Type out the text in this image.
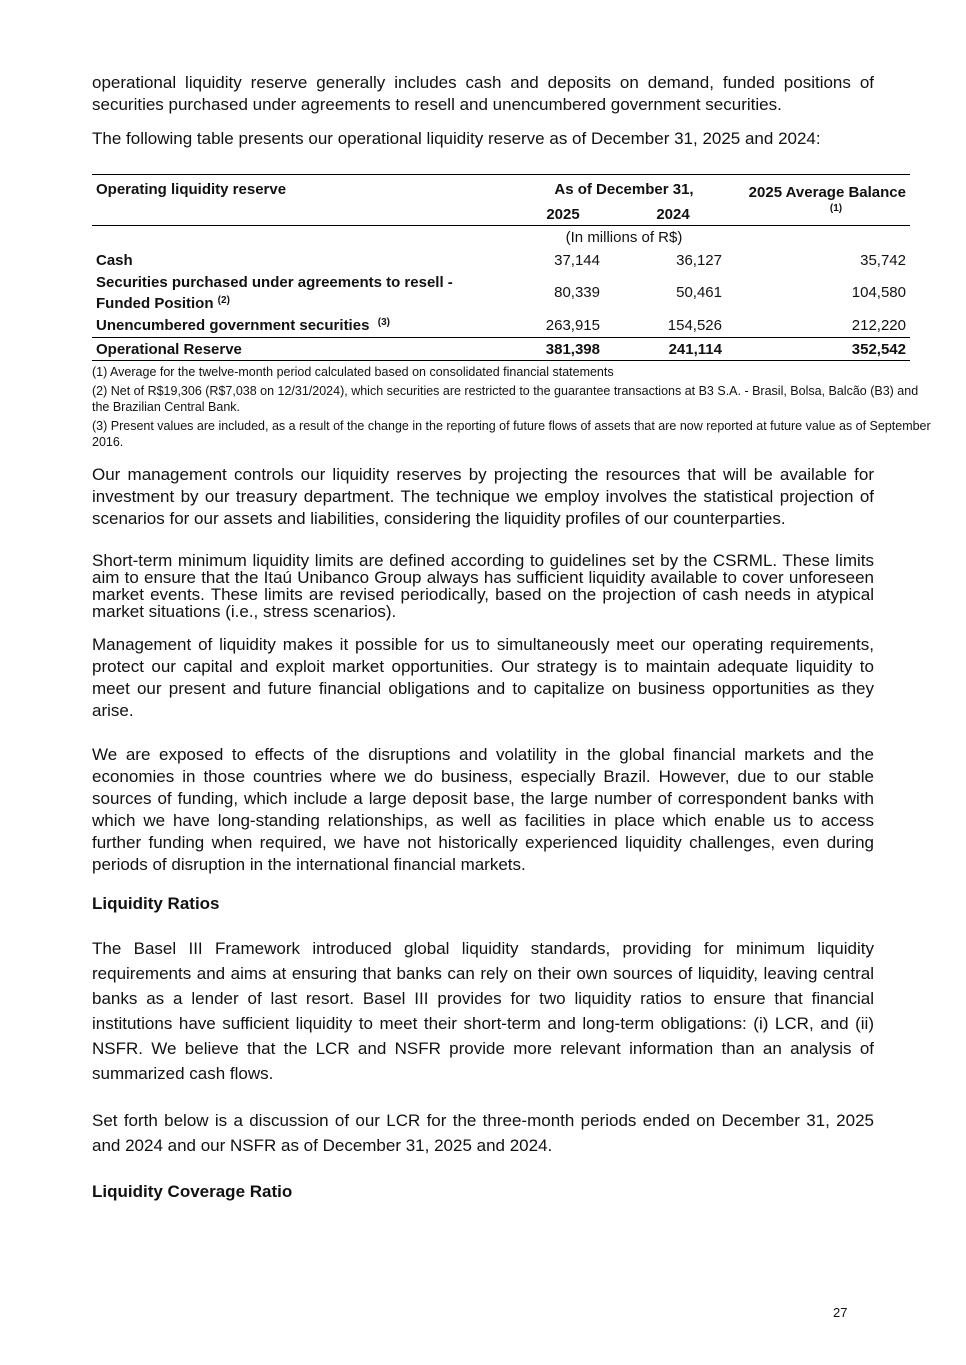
operational liquidity reserve generally includes cash and deposits on demand, funded positions of securities purchased under agreements to resell and unencumbered government securities.

The following table presents our operational liquidity reserve as of December 31, 2025 and 2024:

Operating liquidity reserve	As of December 31,		2025 Average Balance
	2025	2024	$^{(1)}$
	(In millions of R$)		
Cash	37,144	36,127	35,742
Securities purchased under agreements to resell -
Funded Position $^{(2)}$	80,339	50,461	104,580
Unencumbered government securities $^{(3)}$	263,915	154,526	212,220
Operational Reserve	381,398	241,114	352,542
(1) Average for the twelve-month period calculated based on consolidated financial statements
(2) Net of R$19,306 (R$7,038 on 12/31/2024), which securities are restricted to the guarantee transactions at B3 S.A. - Brasil, Bolsa, Balcão (B3) and the Brazilian Central Bank.
(3) Present values are included, as a result of the change in the reporting of future flows of assets that are now reported at future value as of September 2016.

Our management controls our liquidity reserves by projecting the resources that will be available for investment by our treasury department. The technique we employ involves the statistical projection of scenarios for our assets and liabilities, considering the liquidity profiles of our counterparties.

Short-term minimum liquidity limits are defined according to guidelines set by the CSRML. These limits aim to ensure that the Itaú Unibanco Group always has sufficient liquidity available to cover unforeseen market events. These limits are revised periodically, based on the projection of cash needs in atypical market situations (i.e., stress scenarios).

Management of liquidity makes it possible for us to simultaneously meet our operating requirements, protect our capital and exploit market opportunities. Our strategy is to maintain adequate liquidity to meet our present and future financial obligations and to capitalize on business opportunities as they arise.

We are exposed to effects of the disruptions and volatility in the global financial markets and the economies in those countries where we do business, especially Brazil. However, due to our stable sources of funding, which include a large deposit base, the large number of correspondent banks with which we have long-standing relationships, as well as facilities in place which enable us to access further funding when required, we have not historically experienced liquidity challenges, even during periods of disruption in the international financial markets.

Liquidity Ratios

The Basel III Framework introduced global liquidity standards, providing for minimum liquidity requirements and aims at ensuring that banks can rely on their own sources of liquidity, leaving central banks as a lender of last resort. Basel III provides for two liquidity ratios to ensure that financial institutions have sufficient liquidity to meet their short-term and long-term obligations: (i) LCR, and (ii) NSFR. We believe that the LCR and NSFR provide more relevant information than an analysis of summarized cash flows.

Set forth below is a discussion of our LCR for the three-month periods ended on December 31, 2025 and 2024 and our NSFR as of December 31, 2025 and 2024.

Liquidity Coverage Ratio
27
